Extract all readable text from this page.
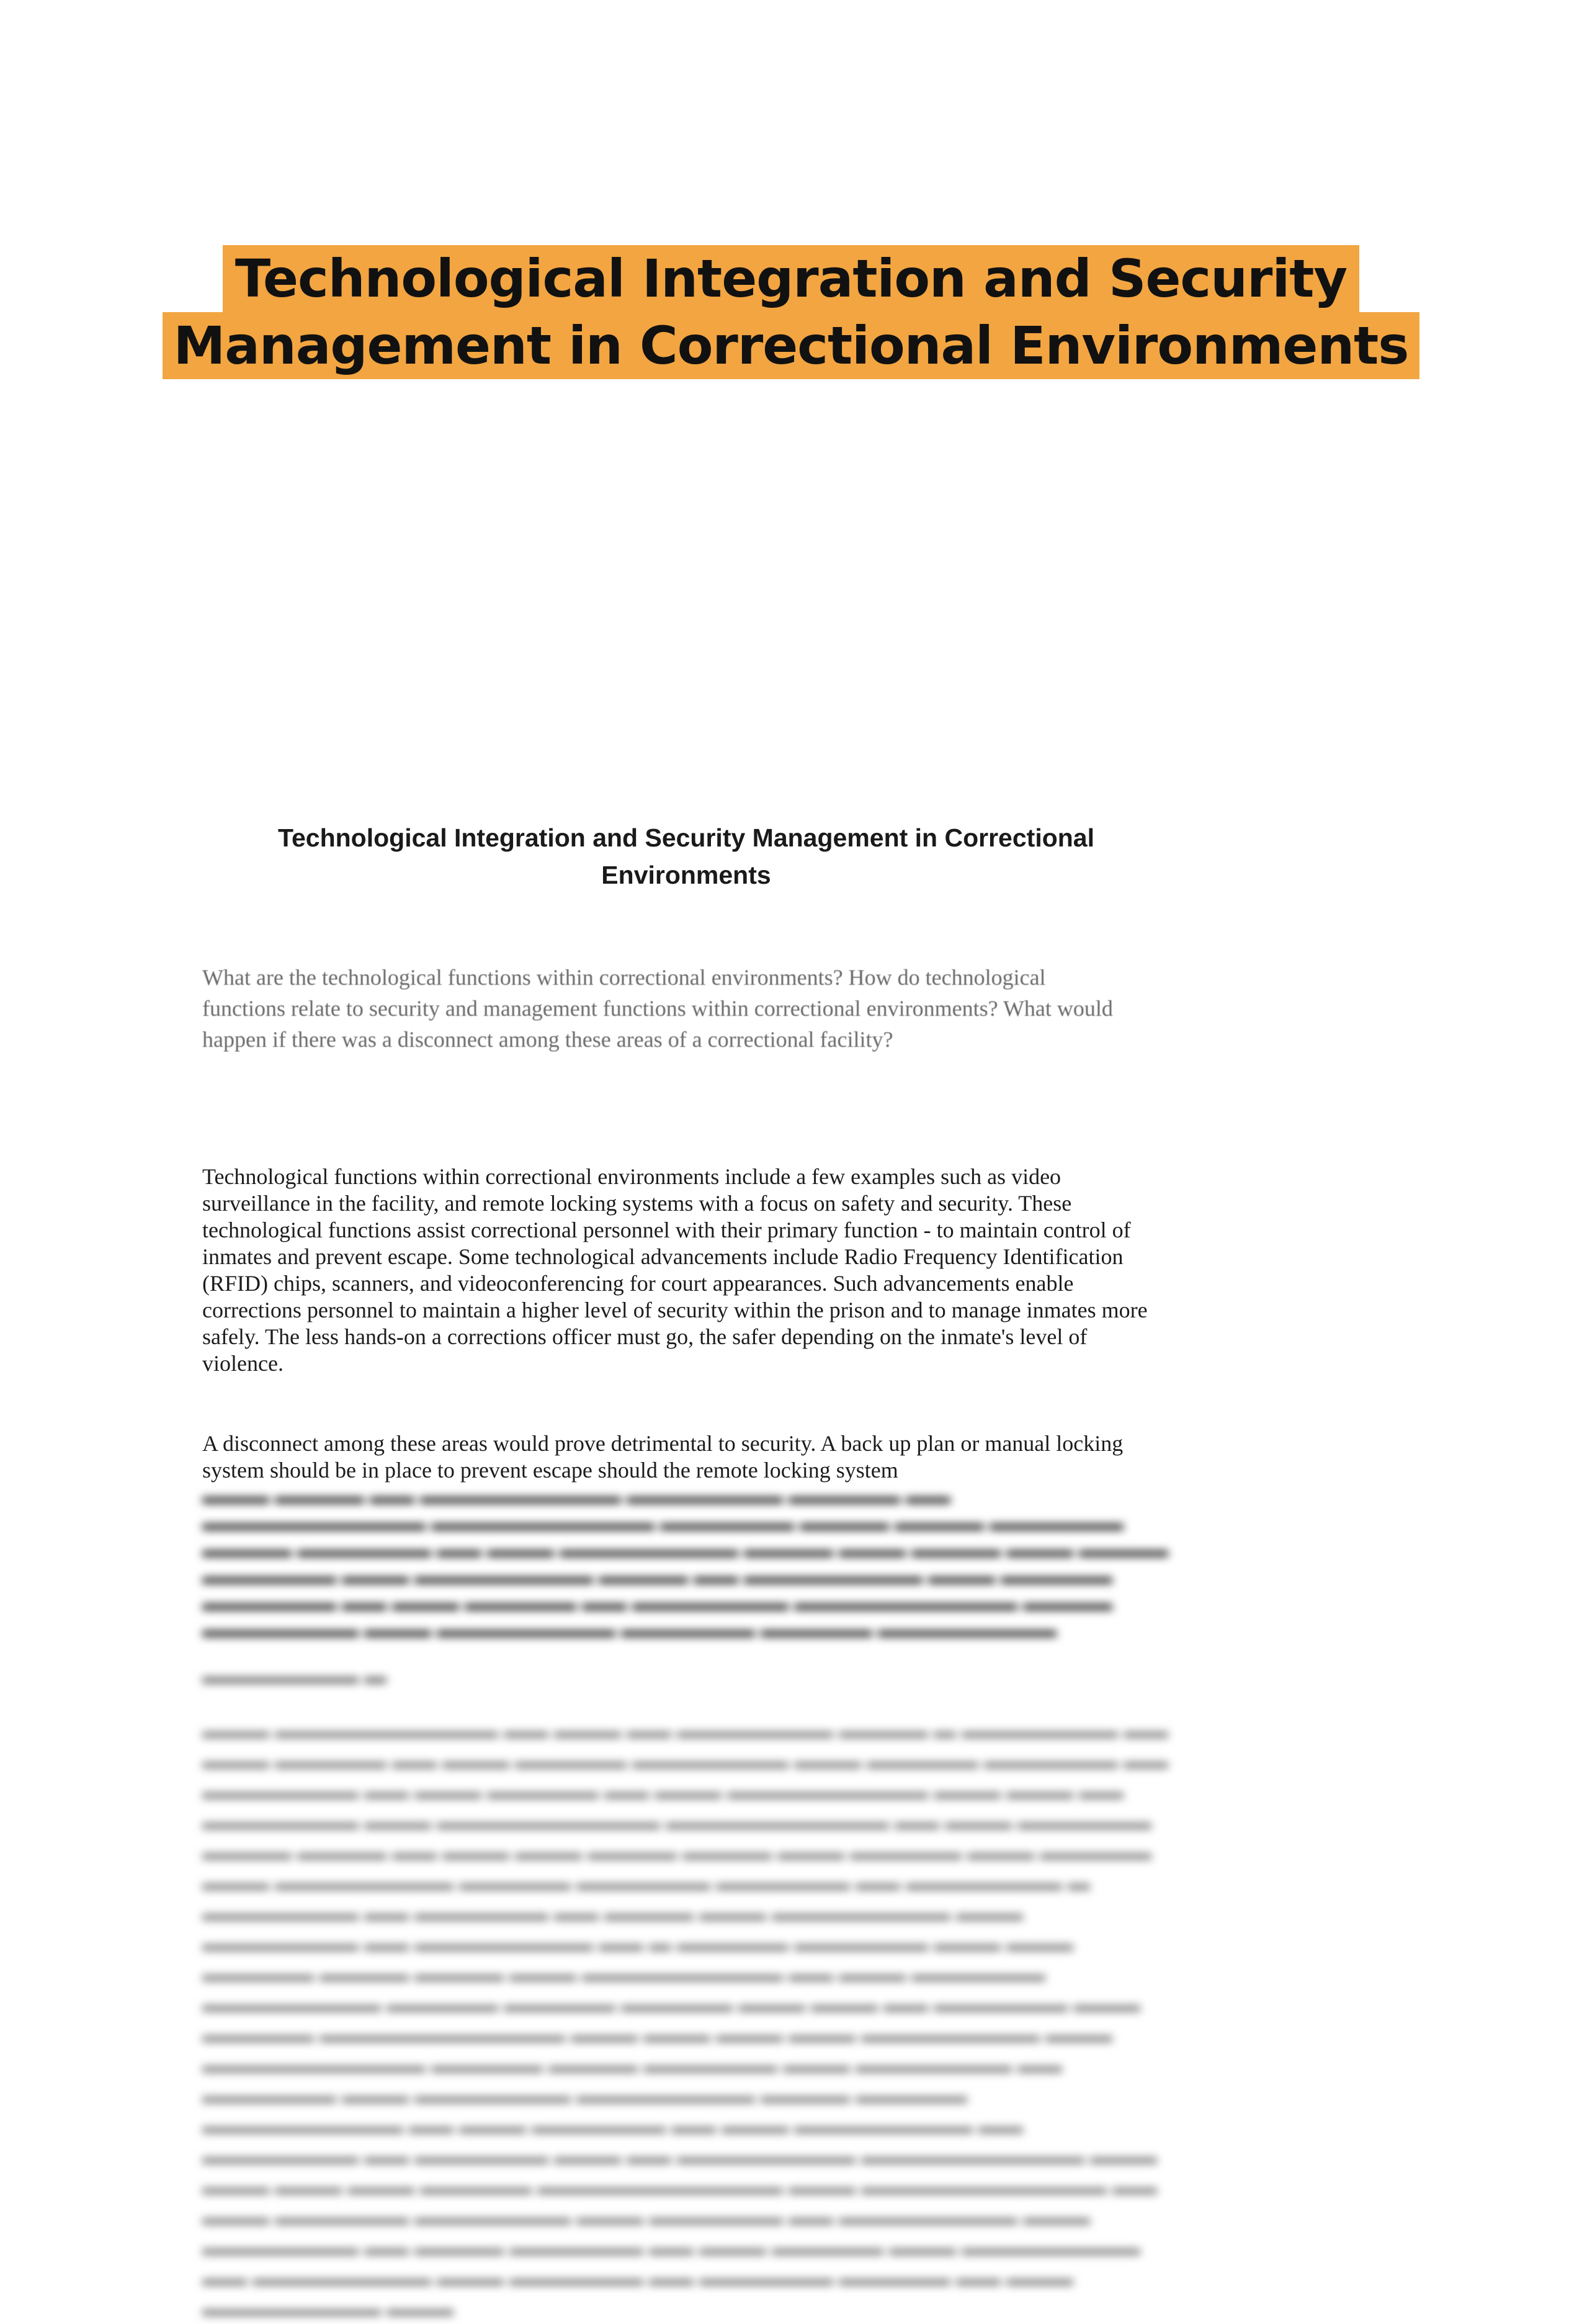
Technological Integration and Security
Management in Correctional Environments
Technological Integration and Security Management in Correctional Environments
What are the technological functions within correctional environments? How do technological functions relate to security and management functions within correctional environments? What would happen if there was a disconnect among these areas of a correctional facility?
Technological functions within correctional environments include a few examples such as video surveillance in the facility, and remote locking systems with a focus on safety and security. These technological functions assist correctional personnel with their primary function - to maintain control of inmates and prevent escape. Some technological advancements include Radio Frequency Identification (RFID) chips, scanners, and videoconferencing for court appearances. Such advancements enable corrections personnel to maintain a higher level of security within the prison and to manage inmates more safely. The less hands-on a corrections officer must go, the safer depending on the inmate's level of violence.
A disconnect among these areas would prove detrimental to security. A back up plan or manual locking system should be in place to prevent escape should the remote locking system
▬▬▬ ▬▬▬▬ ▬▬ ▬▬▬▬▬▬▬▬▬ ▬▬▬▬▬▬▬ ▬▬▬▬▬ ▬▬ ▬▬▬▬▬▬▬▬▬▬ ▬▬▬▬▬▬▬▬▬▬ ▬▬▬▬▬▬ ▬▬▬▬ ▬▬▬▬ ▬▬▬▬▬▬ ▬▬▬▬ ▬▬▬▬▬▬ ▬▬ ▬▬▬ ▬▬▬▬▬▬▬▬ ▬▬▬▬ ▬▬▬ ▬▬▬▬ ▬▬▬ ▬▬▬▬ ▬▬▬▬▬▬ ▬▬▬ ▬▬▬▬▬▬▬▬ ▬▬▬▬ ▬▬ ▬▬▬▬▬▬▬▬ ▬▬▬ ▬▬▬▬▬ ▬▬▬▬▬▬ ▬▬ ▬▬▬ ▬▬▬▬▬ ▬▬ ▬▬▬▬▬▬▬ ▬▬▬▬▬▬▬▬▬▬ ▬▬▬▬ ▬▬▬▬▬▬▬ ▬▬▬ ▬▬▬▬▬▬▬▬ ▬▬▬▬▬▬ ▬▬▬▬▬ ▬▬▬▬▬▬▬▬
▬▬▬▬▬▬▬ ▬
▬▬▬ ▬▬▬▬▬▬▬▬▬▬ ▬▬ ▬▬▬ ▬▬ ▬▬▬▬▬▬▬ ▬▬▬▬ ▬ ▬▬▬▬▬▬▬ ▬▬ ▬▬▬ ▬▬▬▬▬ ▬▬ ▬▬▬ ▬▬▬▬▬ ▬▬▬▬▬▬▬ ▬▬▬ ▬▬▬▬▬ ▬▬▬▬▬▬ ▬▬ ▬▬▬▬▬▬▬ ▬▬ ▬▬▬ ▬▬▬▬▬ ▬▬ ▬▬▬ ▬▬▬▬▬▬▬▬▬ ▬▬▬ ▬▬▬ ▬▬ ▬▬▬▬▬▬▬ ▬▬▬ ▬▬▬▬▬▬▬▬▬▬ ▬▬▬▬▬▬▬▬▬▬ ▬▬ ▬▬▬ ▬▬▬▬▬▬ ▬▬▬▬ ▬▬▬▬ ▬▬ ▬▬▬ ▬▬▬ ▬▬▬▬ ▬▬▬▬ ▬▬▬ ▬▬▬▬▬ ▬▬▬ ▬▬▬▬▬ ▬▬▬ ▬▬▬▬▬▬▬▬ ▬▬▬▬▬ ▬▬▬▬▬▬ ▬▬▬▬▬▬ ▬▬ ▬▬▬▬▬▬▬ ▬ ▬▬▬▬▬▬▬ ▬▬ ▬▬▬▬▬▬ ▬▬ ▬▬▬▬ ▬▬▬ ▬▬▬▬▬▬▬▬ ▬▬▬ ▬▬▬▬▬▬▬ ▬▬ ▬▬▬▬▬▬▬▬ ▬▬ ▬ ▬▬▬▬▬ ▬▬▬▬▬▬ ▬▬▬ ▬▬▬ ▬▬▬▬▬ ▬▬▬▬ ▬▬▬▬ ▬▬▬ ▬▬▬▬▬▬▬▬▬ ▬▬ ▬▬▬ ▬▬▬▬▬▬ ▬▬▬▬▬▬▬▬ ▬▬▬▬▬ ▬▬▬▬▬ ▬▬▬▬▬ ▬▬▬ ▬▬▬ ▬▬ ▬▬▬▬▬▬ ▬▬▬ ▬▬▬▬▬ ▬▬▬▬▬▬▬▬▬▬▬ ▬▬▬ ▬▬▬ ▬▬▬ ▬▬▬ ▬▬▬▬▬▬▬▬ ▬▬▬ ▬▬▬▬▬▬▬▬▬▬ ▬▬▬▬▬ ▬▬▬▬ ▬▬▬▬▬▬ ▬▬▬ ▬▬▬▬▬▬▬ ▬▬ ▬▬▬▬▬▬ ▬▬▬ ▬▬▬▬▬▬▬ ▬▬▬▬▬▬▬▬ ▬▬▬▬ ▬▬▬▬▬ ▬▬▬▬▬▬▬▬▬ ▬▬ ▬▬▬ ▬▬▬▬▬▬ ▬▬ ▬▬▬ ▬▬▬▬▬▬▬▬ ▬▬ ▬▬▬▬▬▬▬ ▬▬ ▬▬▬▬▬▬ ▬▬▬ ▬▬ ▬▬▬▬▬▬▬▬ ▬▬▬▬▬▬▬▬▬▬ ▬▬▬ ▬▬▬ ▬▬▬ ▬▬▬ ▬▬▬▬▬ ▬▬▬▬▬▬▬▬▬▬▬ ▬▬▬ ▬▬▬▬▬▬▬▬▬▬▬ ▬▬ ▬▬▬ ▬▬▬▬▬▬ ▬▬▬▬▬▬▬ ▬▬▬ ▬▬▬▬▬▬ ▬▬ ▬▬▬▬▬▬▬▬ ▬▬▬ ▬▬▬▬▬▬▬ ▬▬ ▬▬▬▬ ▬▬▬▬▬▬ ▬▬ ▬▬▬ ▬▬▬▬▬ ▬▬▬ ▬▬▬▬▬▬▬▬ ▬▬ ▬▬▬▬▬▬▬▬ ▬▬▬ ▬▬▬▬▬▬ ▬▬ ▬▬▬▬▬▬ ▬▬▬▬▬ ▬▬ ▬▬▬ ▬▬▬▬▬▬▬▬ ▬▬▬
